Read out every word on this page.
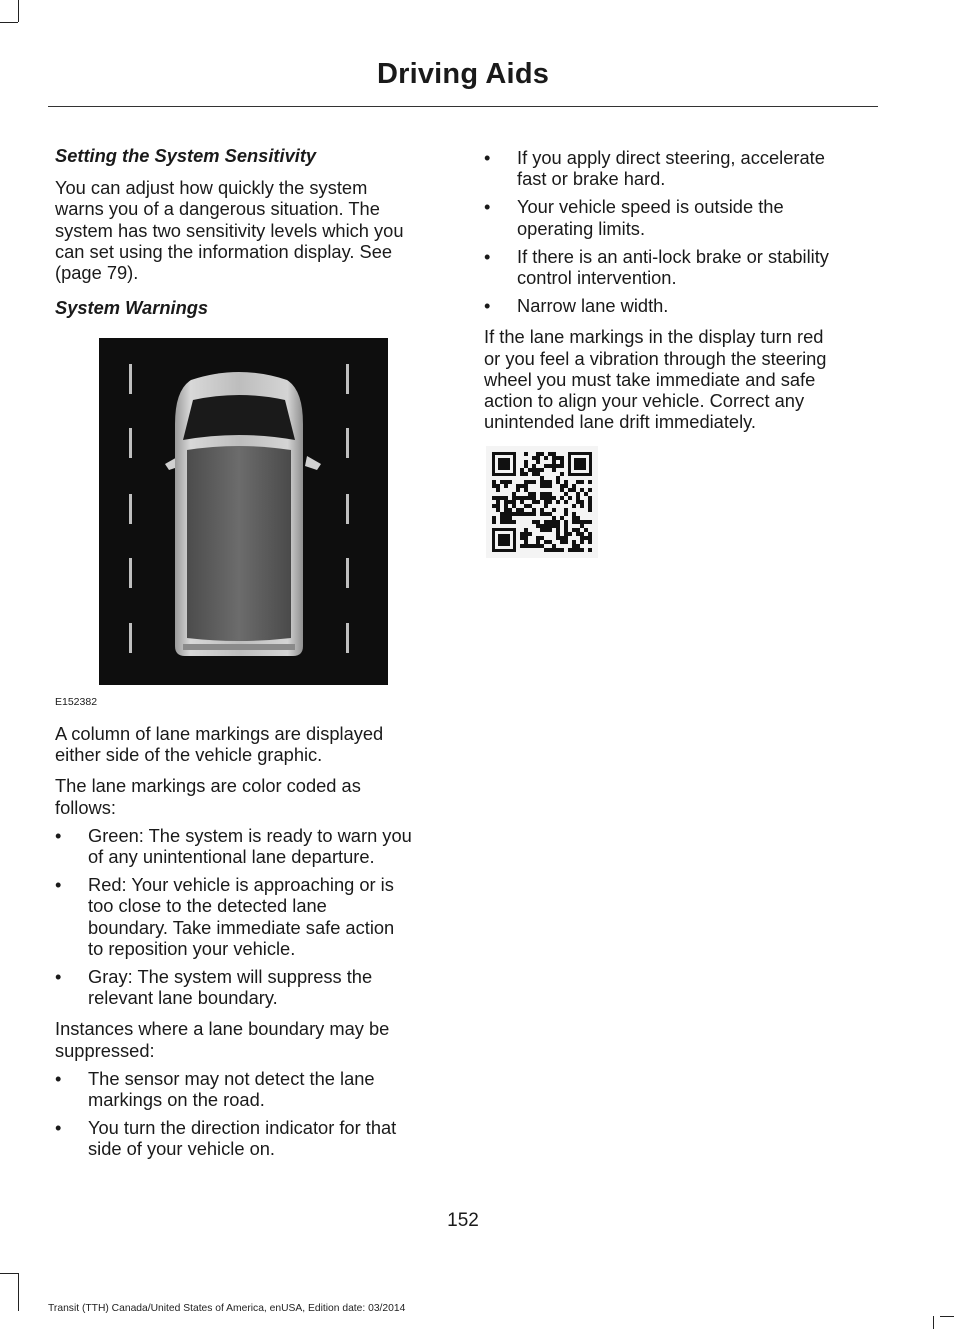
Driving Aids
Setting the System Sensitivity
You can adjust how quickly the system
warns you of a dangerous situation. The
system has two sensitivity levels which you
can set using the information display. See
(page 79).
System Warnings
E152382
A column of lane markings are displayed
either side of the vehicle graphic.
The lane markings are color coded as
follows:
•	Green: The system is ready to warn you
of any unintentional lane departure.
•	Red: Your vehicle is approaching or is
too close to the detected lane
boundary. Take immediate safe action
to reposition your vehicle.
•	Gray: The system will suppress the
relevant lane boundary.
Instances where a lane boundary may be
suppressed:
•	The sensor may not detect the lane
markings on the road.
•	You turn the direction indicator for that
side of your vehicle on.
•	If you apply direct steering, accelerate
fast or brake hard.
•	Your vehicle speed is outside the
operating limits.
•	If there is an anti-lock brake or stability
control intervention.
•	Narrow lane width.
If the lane markings in the display turn red
or you feel a vibration through the steering
wheel you must take immediate and safe
action to align your vehicle. Correct any
unintended lane drift immediately.
152
Transit (TTH) Canada/United States of America, enUSA, Edition date: 03/2014
